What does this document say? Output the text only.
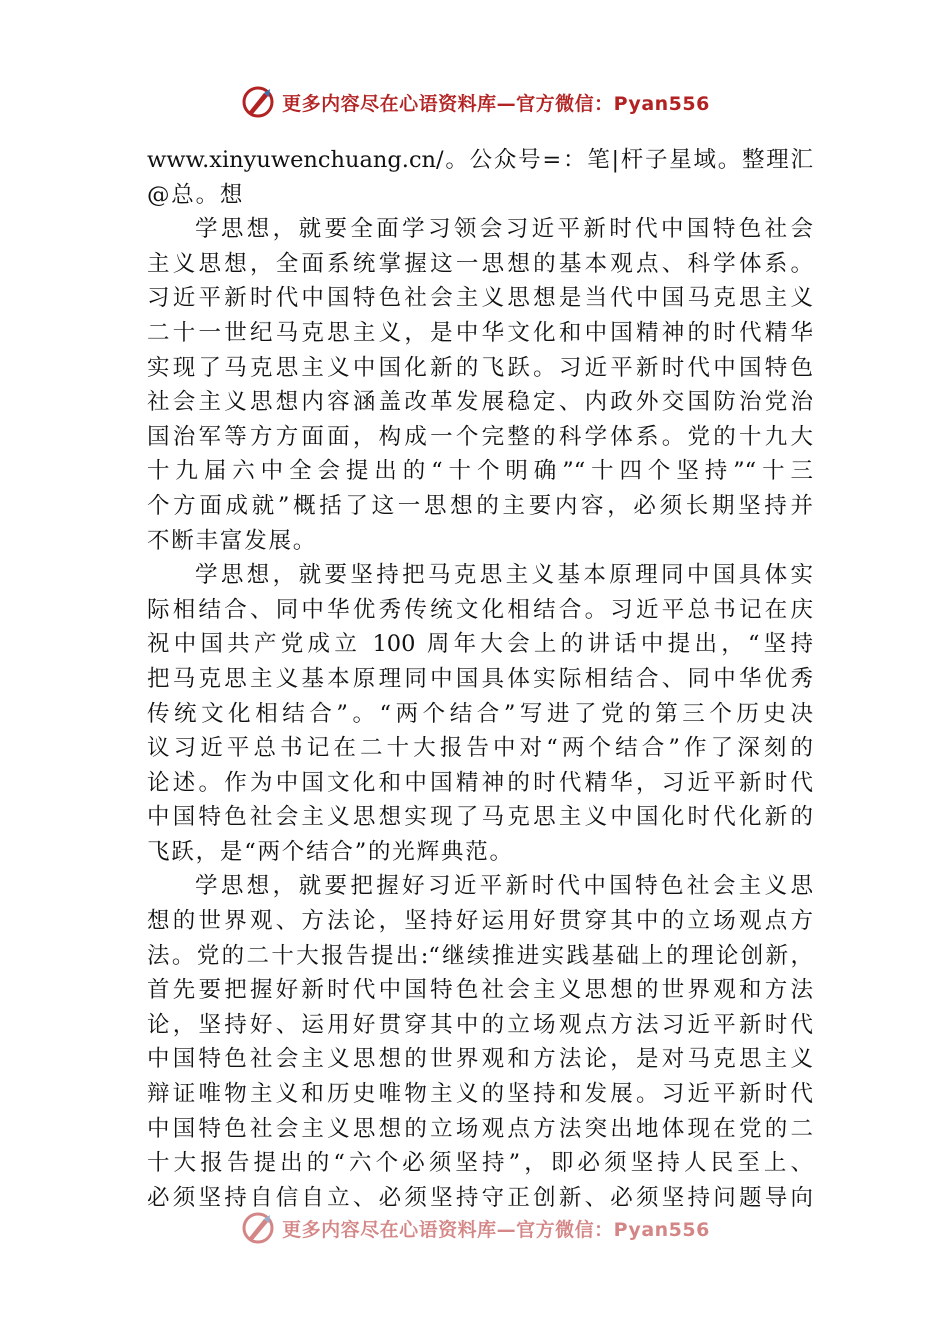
更多内容尽在心语资料库—官方微信：Pyan556
www.xinyuwenchuang.cn/。公众号=：笔|杆子星域。整理汇
@总。想
学思想，就要全面学习领会习近平新时代中国特色社会
主义思想，全面系统掌握这一思想的基本观点、科学体系。
习近平新时代中国特色社会主义思想是当代中国马克思主义
二十一世纪马克思主义，是中华文化和中国精神的时代精华
实现了马克思主义中国化新的飞跃。习近平新时代中国特色
社会主义思想内容涵盖改革发展稳定、内政外交国防治党治
国治军等方方面面，构成一个完整的科学体系。党的十九大
十九届六中全会提出的“十个明确”“十四个坚持”“十三
个方面成就”概括了这一思想的主要内容，必须长期坚持并
不断丰富发展。
学思想，就要坚持把马克思主义基本原理同中国具体实
际相结合、同中华优秀传统文化相结合。习近平总书记在庆
祝中国共产党成立 100 周年大会上的讲话中提出，“坚持
把马克思主义基本原理同中国具体实际相结合、同中华优秀
传统文化相结合”。“两个结合”写进了党的第三个历史决
议习近平总书记在二十大报告中对“两个结合”作了深刻的
论述。作为中国文化和中国精神的时代精华，习近平新时代
中国特色社会主义思想实现了马克思主义中国化时代化新的
飞跃，是“两个结合”的光辉典范。
学思想，就要把握好习近平新时代中国特色社会主义思
想的世界观、方法论，坚持好运用好贯穿其中的立场观点方
法。党的二十大报告提出:“继续推进实践基础上的理论创新，
首先要把握好新时代中国特色社会主义思想的世界观和方法
论，坚持好、运用好贯穿其中的立场观点方法习近平新时代
中国特色社会主义思想的世界观和方法论，是对马克思主义
辩证唯物主义和历史唯物主义的坚持和发展。习近平新时代
中国特色社会主义思想的立场观点方法突出地体现在党的二
十大报告提出的“六个必须坚持”，即必须坚持人民至上、
必须坚持自信自立、必须坚持守正创新、必须坚持问题导向
更多内容尽在心语资料库—官方微信：Pyan556
